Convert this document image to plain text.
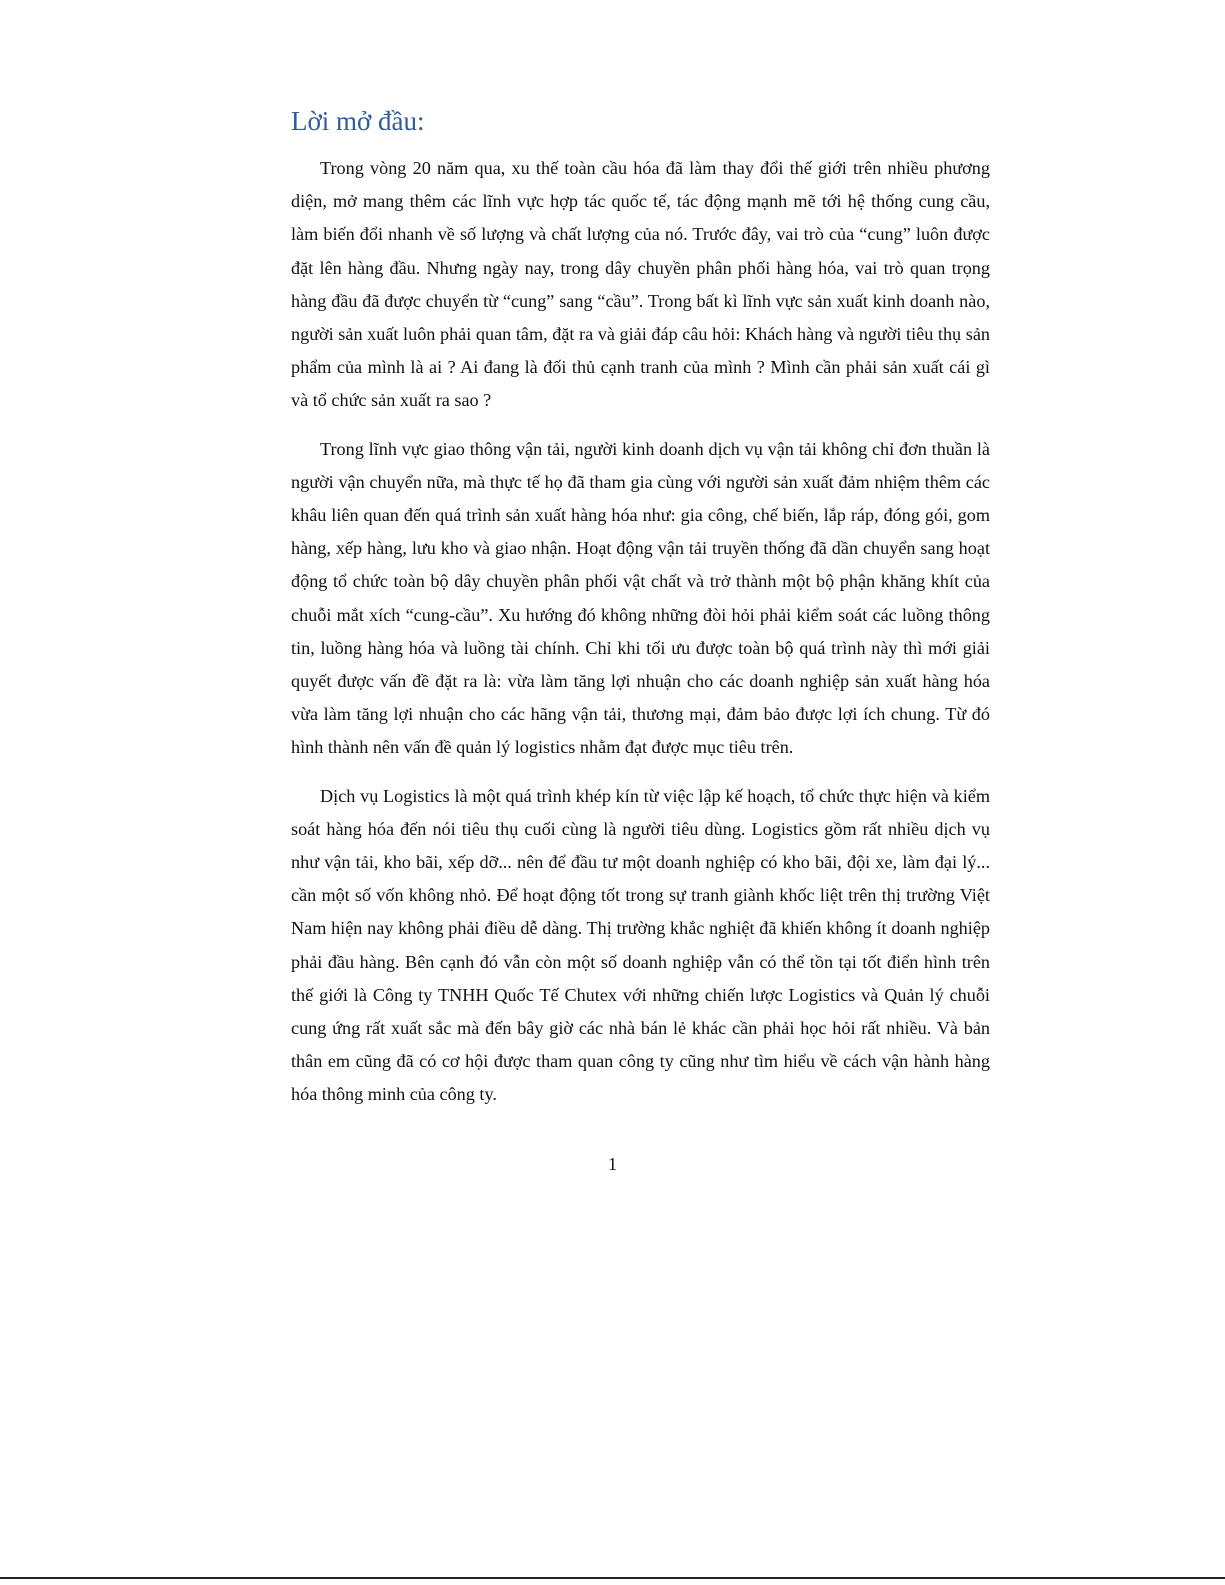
Lời mở đầu:

Trong vòng 20 năm qua, xu thế toàn cầu hóa đã làm thay đổi thế giới trên nhiều phương diện, mở mang thêm các lĩnh vực hợp tác quốc tế, tác động mạnh mẽ tới hệ thống cung cầu, làm biến đổi nhanh về số lượng và chất lượng của nó. Trước đây, vai trò của “cung” luôn được đặt lên hàng đầu. Nhưng ngày nay, trong dây chuyền phân phối hàng hóa, vai trò quan trọng hàng đầu đã được chuyển từ “cung” sang “cầu”. Trong bất kì lĩnh vực sản xuất kinh doanh nào, người sản xuất luôn phải quan tâm, đặt ra và giải đáp câu hỏi: Khách hàng và người tiêu thụ sản phẩm của mình là ai ? Ai đang là đối thủ cạnh tranh của mình ? Mình cần phải sản xuất cái gì và tổ chức sản xuất ra sao ?

Trong lĩnh vực giao thông vận tải, người kinh doanh dịch vụ vận tải không chỉ đơn thuần là người vận chuyển nữa, mà thực tế họ đã tham gia cùng với người sản xuất đảm nhiệm thêm các khâu liên quan đến quá trình sản xuất hàng hóa như: gia công, chế biến, lắp ráp, đóng gói, gom hàng, xếp hàng, lưu kho và giao nhận. Hoạt động vận tải truyền thống đã dần chuyển sang hoạt động tổ chức toàn bộ dây chuyền phân phối vật chất và trở thành một bộ phận khăng khít của chuỗi mắt xích “cung-cầu”. Xu hướng đó không những đòi hỏi phải kiểm soát các luồng thông tin, luồng hàng hóa và luồng tài chính. Chỉ khi tối ưu được toàn bộ quá trình này thì mới giải quyết được vấn đề đặt ra là: vừa làm tăng lợi nhuận cho các doanh nghiệp sản xuất hàng hóa vừa làm tăng lợi nhuận cho các hãng vận tải, thương mại, đảm bảo được lợi ích chung. Từ đó hình thành nên vấn đề quản lý logistics nhằm đạt được mục tiêu trên.

Dịch vụ Logistics là một quá trình khép kín từ việc lập kế hoạch, tổ chức thực hiện và kiểm soát hàng hóa đến nói tiêu thụ cuối cùng là người tiêu dùng. Logistics gồm rất nhiều dịch vụ như vận tải, kho bãi, xếp dỡ... nên để đầu tư một doanh nghiệp có kho bãi, đội xe, làm đại lý... cần một số vốn không nhỏ. Để hoạt động tốt trong sự tranh giành khốc liệt trên thị trường Việt Nam hiện nay không phải điều dễ dàng. Thị trường khắc nghiệt đã khiến không ít doanh nghiệp phải đầu hàng. Bên cạnh đó vẫn còn một số doanh nghiệp vẫn có thể tồn tại tốt điển hình trên thế giới là Công ty TNHH Quốc Tế Chutex với những chiến lược Logistics và Quản lý chuỗi cung ứng rất xuất sắc mà đến bây giờ các nhà bán lẻ khác cần phải học hỏi rất nhiều. Và bản thân em cũng đã có cơ hội được tham quan công ty cũng như tìm hiểu về cách vận hành hàng hóa thông minh của công ty.

1
